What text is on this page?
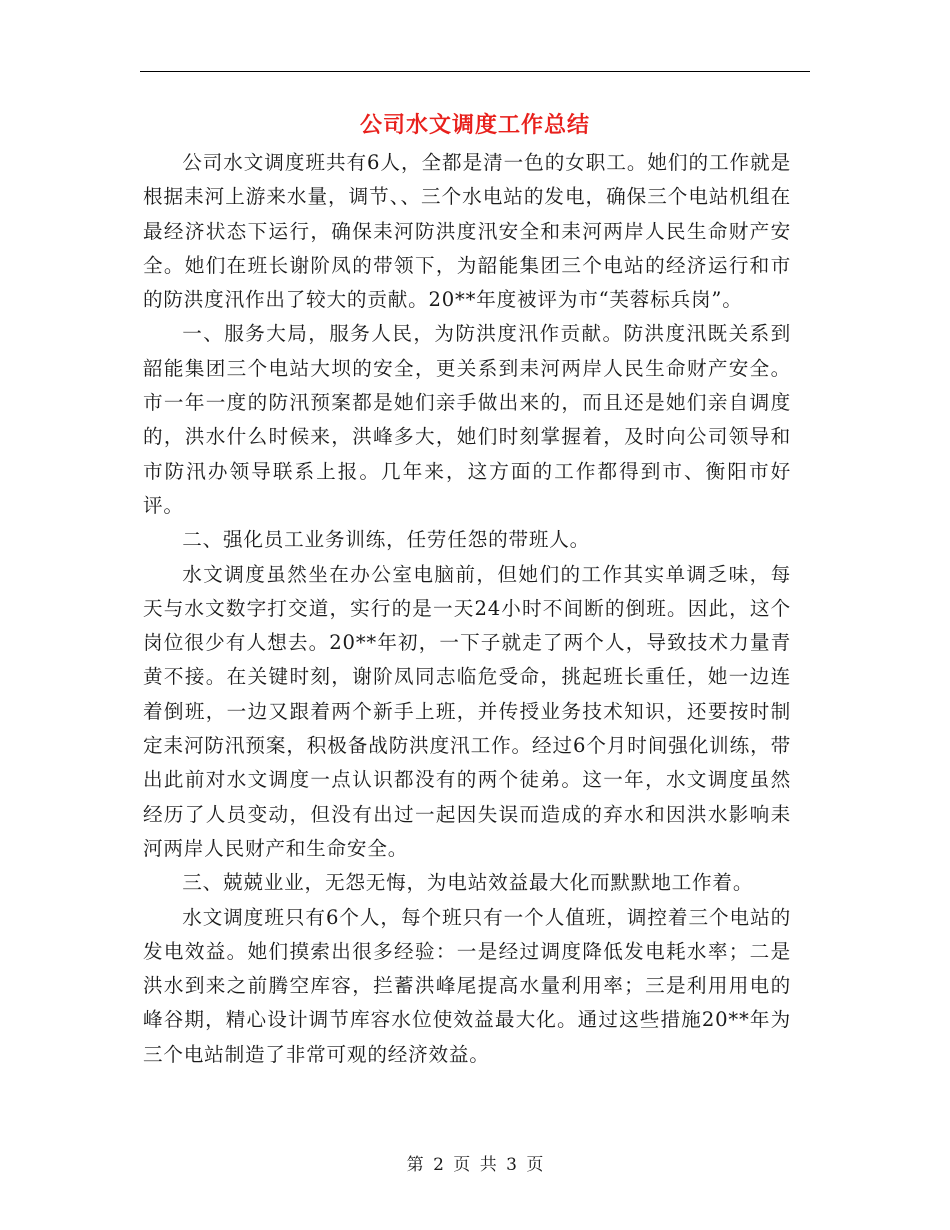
公司水文调度工作总结

公司水文调度班共有6人，全都是清一色的女职工。她们的工作就是根据耒河上游来水量，调节、、三个水电站的发电，确保三个电站机组在最经济状态下运行，确保耒河防洪度汛安全和耒河两岸人民生命财产安全。她们在班长谢阶凤的带领下，为韶能集团三个电站的经济运行和市的防洪度汛作出了较大的贡献。20**年度被评为市“芙蓉标兵岗”。

一、服务大局，服务人民，为防洪度汛作贡献。防洪度汛既关系到韶能集团三个电站大坝的安全，更关系到耒河两岸人民生命财产安全。市一年一度的防汛预案都是她们亲手做出来的，而且还是她们亲自调度的，洪水什么时候来，洪峰多大，她们时刻掌握着，及时向公司领导和市防汛办领导联系上报。几年来，这方面的工作都得到市、衡阳市好评。

二、强化员工业务训练，任劳任怨的带班人。

水文调度虽然坐在办公室电脑前，但她们的工作其实单调乏味，每天与水文数字打交道，实行的是一天24小时不间断的倒班。因此，这个岗位很少有人想去。20**年初，一下子就走了两个人，导致技术力量青黄不接。在关键时刻，谢阶凤同志临危受命，挑起班长重任，她一边连着倒班，一边又跟着两个新手上班，并传授业务技术知识，还要按时制定耒河防汛预案，积极备战防洪度汛工作。经过6个月时间强化训练，带出此前对水文调度一点认识都没有的两个徒弟。这一年，水文调度虽然经历了人员变动，但没有出过一起因失误而造成的弃水和因洪水影响耒河两岸人民财产和生命安全。

三、兢兢业业，无怨无悔，为电站效益最大化而默默地工作着。

水文调度班只有6个人，每个班只有一个人值班，调控着三个电站的发电效益。她们摸索出很多经验：一是经过调度降低发电耗水率；二是洪水到来之前腾空库容，拦蓄洪峰尾提高水量利用率；三是利用用电的峰谷期，精心设计调节库容水位使效益最大化。通过这些措施20**年为三个电站制造了非常可观的经济效益。

第 2 页 共 3 页
